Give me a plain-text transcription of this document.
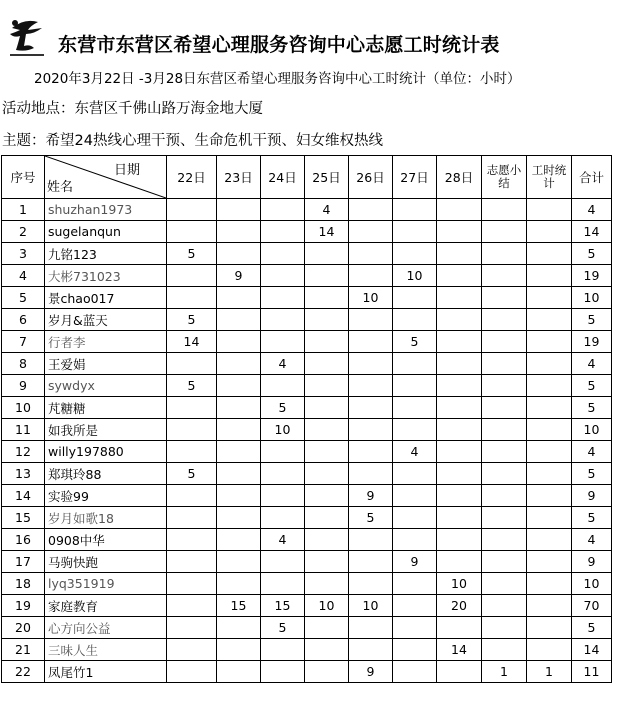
东营市东营区希望心理服务咨询中心志愿工时统计表
2020年3月22日 -3月28日东营区希望心理服务咨询中心工时统计（单位：小时）
活动地点：东营区千佛山路万海金地大厦
主题：希望24热线心理干预、生命危机干预、妇女维权热线
序号	日期
姓名	22日	23日	24日	25日	26日	27日	28日	志愿小结	工时统计	合计
1	shuzhan1973				4						4
2	sugelanqun				14						14
3	九铭123	5									5
4	大彬731023		9				10				19
5	景chao017					10					10
6	岁月&蓝天	5									5
7	行者李	14					5				19
8	王爱娟			4							4
9	sywdyx	5									5
10	芃糖糖			5							5
11	如我所是			10							10
12	willy197880						4				4
13	郑琪玲88	5									5
14	实验99					9					9
15	岁月如歌18					5					5
16	0908中华			4							4
17	马驹快跑						9				9
18	lyq351919							10			10
19	家庭教育		15	15	10	10		20			70
20	心方向公益			5							5
21	三味人生							14			14
22	凤尾竹1					9			1	1	11
